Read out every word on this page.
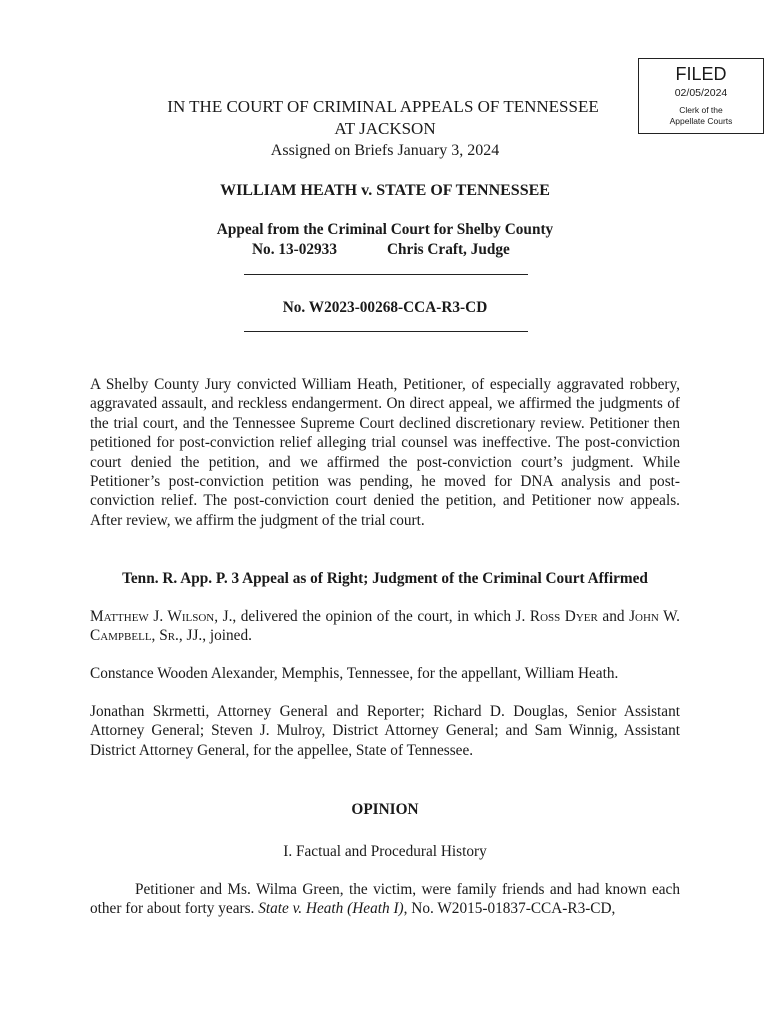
FILED
02/05/2024
Clerk of the
Appellate Courts
IN THE COURT OF CRIMINAL APPEALS OF TENNESSEE
AT JACKSON
Assigned on Briefs January 3, 2024
WILLIAM HEATH v. STATE OF TENNESSEE
Appeal from the Criminal Court for Shelby County
No. 13-02933	Chris Craft, Judge
No. W2023-00268-CCA-R3-CD
A Shelby County Jury convicted William Heath, Petitioner, of especially aggravated robbery, aggravated assault, and reckless endangerment. On direct appeal, we affirmed the judgments of the trial court, and the Tennessee Supreme Court declined discretionary review. Petitioner then petitioned for post-conviction relief alleging trial counsel was ineffective. The post-conviction court denied the petition, and we affirmed the post-conviction court’s judgment. While Petitioner’s post-conviction petition was pending, he moved for DNA analysis and post-conviction relief. The post-conviction court denied the petition, and Petitioner now appeals. After review, we affirm the judgment of the trial court.
Tenn. R. App. P. 3 Appeal as of Right; Judgment of the Criminal Court Affirmed
Matthew J. Wilson, J., delivered the opinion of the court, in which J. Ross Dyer and John W. Campbell, Sr., JJ., joined.
Constance Wooden Alexander, Memphis, Tennessee, for the appellant, William Heath.
Jonathan Skrmetti, Attorney General and Reporter; Richard D. Douglas, Senior Assistant Attorney General; Steven J. Mulroy, District Attorney General; and Sam Winnig, Assistant District Attorney General, for the appellee, State of Tennessee.
OPINION
I. Factual and Procedural History
Petitioner and Ms. Wilma Green, the victim, were family friends and had known each other for about forty years. State v. Heath (Heath I), No. W2015-01837-CCA-R3-CD,
